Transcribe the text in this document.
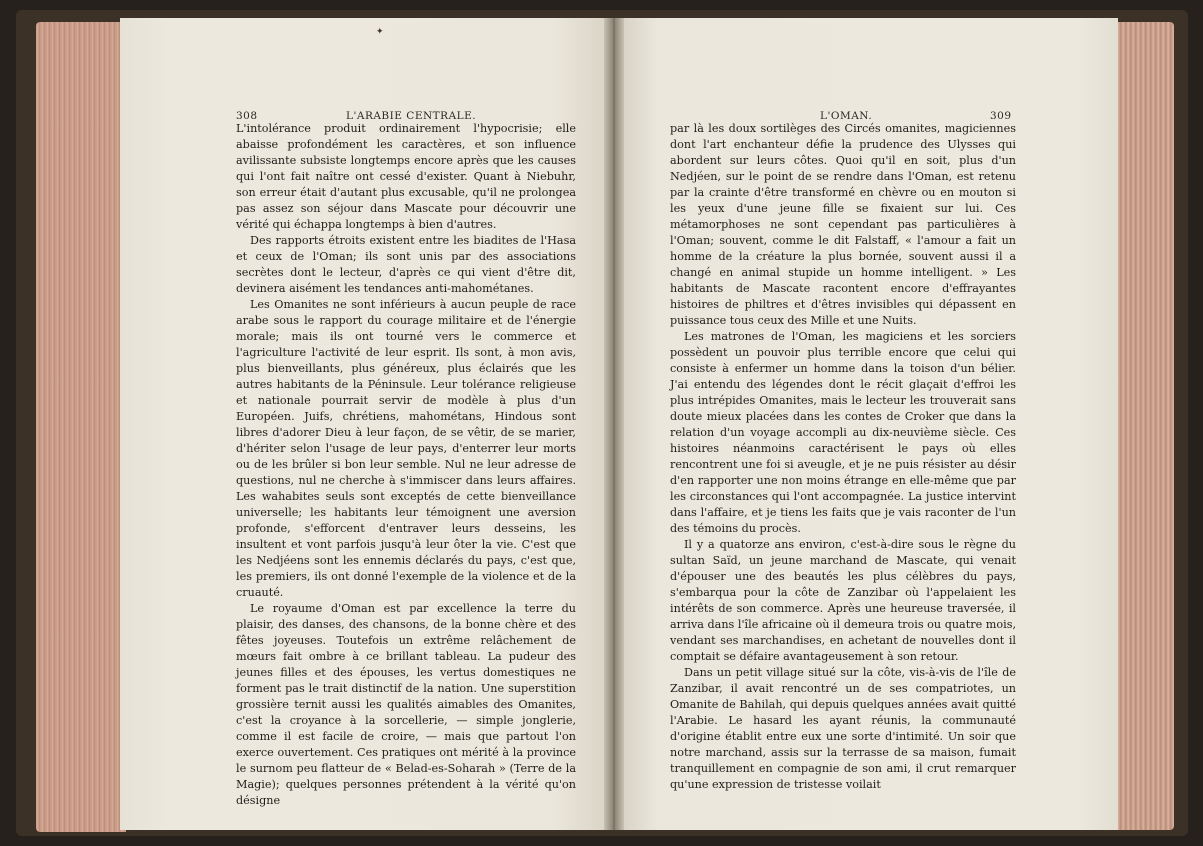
✦
308	L'ARABIE CENTRALE.

L'intolérance produit ordinairement l'hypocrisie; elle abaisse profondément les caractères, et son influence avilissante subsiste longtemps encore après que les causes qui l'ont fait naître ont cessé d'exister. Quant à Niebuhr, son erreur était d'autant plus excusable, qu'il ne prolongea pas assez son séjour dans Mascate pour découvrir une vérité qui échappa longtemps à bien d'autres.

Des rapports étroits existent entre les biadites de l'Hasa et ceux de l'Oman; ils sont unis par des associations secrètes dont le lecteur, d'après ce qui vient d'être dit, devinera aisément les tendances anti-mahométanes.

Les Omanites ne sont inférieurs à aucun peuple de race arabe sous le rapport du courage militaire et de l'énergie morale; mais ils ont tourné vers le commerce et l'agriculture l'activité de leur esprit. Ils sont, à mon avis, plus bienveillants, plus généreux, plus éclairés que les autres habitants de la Péninsule. Leur tolérance religieuse et nationale pourrait servir de modèle à plus d'un Européen. Juifs, chrétiens, mahométans, Hindous sont libres d'adorer Dieu à leur façon, de se vêtir, de se marier, d'hériter selon l'usage de leur pays, d'enterrer leur morts ou de les brûler si bon leur semble. Nul ne leur adresse de questions, nul ne cherche à s'immiscer dans leurs affaires. Les wahabites seuls sont exceptés de cette bienveillance universelle; les habitants leur témoignent une aversion profonde, s'efforcent d'entraver leurs desseins, les insultent et vont parfois jusqu'à leur ôter la vie. C'est que les Nedjéens sont les ennemis déclarés du pays, c'est que, les premiers, ils ont donné l'exemple de la violence et de la cruauté.

Le royaume d'Oman est par excellence la terre du plaisir, des danses, des chansons, de la bonne chère et des fêtes joyeuses. Toutefois un extrême relâchement de mœurs fait ombre à ce brillant tableau. La pudeur des jeunes filles et des épouses, les vertus domestiques ne forment pas le trait distinctif de la nation. Une superstition grossière ternit aussi les qualités aimables des Omanites, c'est la croyance à la sorcellerie, — simple jonglerie, comme il est facile de croire, — mais que partout l'on exerce ouvertement. Ces pratiques ont mérité à la province le surnom peu flatteur de « Belad-es-Soharah » (Terre de la Magie); quelques personnes prétendent à la vérité qu'on désigne

L'OMAN.	309

par là les doux sortilèges des Circés omanites, magiciennes dont l'art enchanteur défie la prudence des Ulysses qui abordent sur leurs côtes. Quoi qu'il en soit, plus d'un Nedjéen, sur le point de se rendre dans l'Oman, est retenu par la crainte d'être transformé en chèvre ou en mouton si les yeux d'une jeune fille se fixaient sur lui. Ces métamorphoses ne sont cependant pas particulières à l'Oman; souvent, comme le dit Falstaff, « l'amour a fait un homme de la créature la plus bornée, souvent aussi il a changé en animal stupide un homme intelligent. » Les habitants de Mascate racontent encore d'effrayantes histoires de philtres et d'êtres invisibles qui dépassent en puissance tous ceux des Mille et une Nuits.

Les matrones de l'Oman, les magiciens et les sorciers possèdent un pouvoir plus terrible encore que celui qui consiste à enfermer un homme dans la toison d'un bélier. J'ai entendu des légendes dont le récit glaçait d'effroi les plus intrépides Omanites, mais le lecteur les trouverait sans doute mieux placées dans les contes de Croker que dans la relation d'un voyage accompli au dix-neuvième siècle. Ces histoires néanmoins caractérisent le pays où elles rencontrent une foi si aveugle, et je ne puis résister au désir d'en rapporter une non moins étrange en elle-même que par les circonstances qui l'ont accompagnée. La justice intervint dans l'affaire, et je tiens les faits que je vais raconter de l'un des témoins du procès.

Il y a quatorze ans environ, c'est-à-dire sous le règne du sultan Saïd, un jeune marchand de Mascate, qui venait d'épouser une des beautés les plus célèbres du pays, s'embarqua pour la côte de Zanzibar où l'appelaient les intérêts de son commerce. Après une heureuse traversée, il arriva dans l'île africaine où il demeura trois ou quatre mois, vendant ses marchandises, en achetant de nouvelles dont il comptait se défaire avantageusement à son retour.

Dans un petit village situé sur la côte, vis-à-vis de l'île de Zanzibar, il avait rencontré un de ses compatriotes, un Omanite de Bahilah, qui depuis quelques années avait quitté l'Arabie. Le hasard les ayant réunis, la communauté d'origine établit entre eux une sorte d'intimité. Un soir que notre marchand, assis sur la terrasse de sa maison, fumait tranquillement en compagnie de son ami, il crut remarquer qu'une expression de tristesse voilait
